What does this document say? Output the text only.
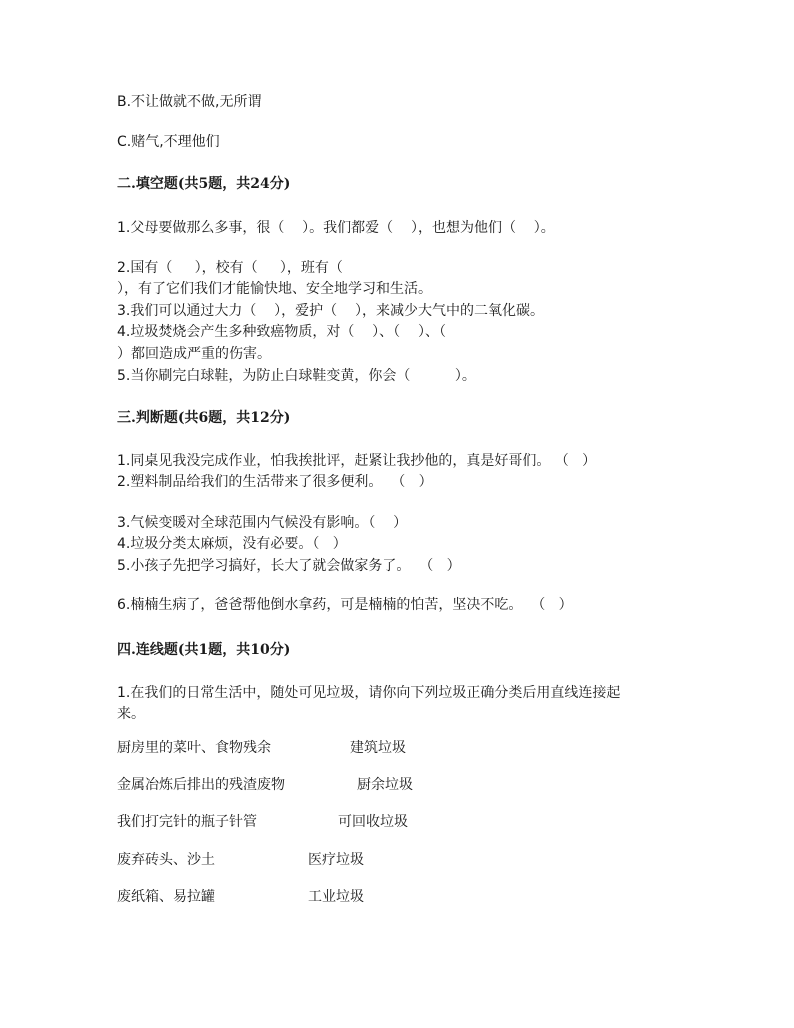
B.不让做就不做,无所谓
C.赌气,不理他们
二.填空题(共5题，共24分)
1.父母要做那么多事，很（    ）。我们都爱（    ），也想为他们（    ）。
2.国有（     ），校有（     ），班有（
），有了它们我们才能愉快地、安全地学习和生活。
3.我们可以通过大力（    ），爱护（    ），来减少大气中的二氧化碳。
4.垃圾焚烧会产生多种致癌物质，对（    ）、（    ）、（
）都回造成严重的伤害。
5.当你刷完白球鞋，为防止白球鞋变黄，你会（          ）。
三.判断题(共6题，共12分)
1.同桌见我没完成作业，怕我挨批评，赶紧让我抄他的，真是好哥们。 （   ）
2.塑料制品给我们的生活带来了很多便利。  （   ）
3.气候变暖对全球范围内气候没有影响。（    ）
4.垃圾分类太麻烦，没有必要。（   ）
5.小孩子先把学习搞好，长大了就会做家务了。  （   ）
6.楠楠生病了，爸爸帮他倒水拿药，可是楠楠的怕苦，坚决不吃。  （   ）
四.连线题(共1题，共10分)
1.在我们的日常生活中，随处可见垃圾，请你向下列垃圾正确分类后用直线连接起
来。
厨房里的菜叶、食物残余	建筑垃圾
金属冶炼后排出的残渣废物	厨余垃圾
我们打完针的瓶子针管	可回收垃圾
废弃砖头、沙土	医疗垃圾
废纸箱、易拉罐	工业垃圾
